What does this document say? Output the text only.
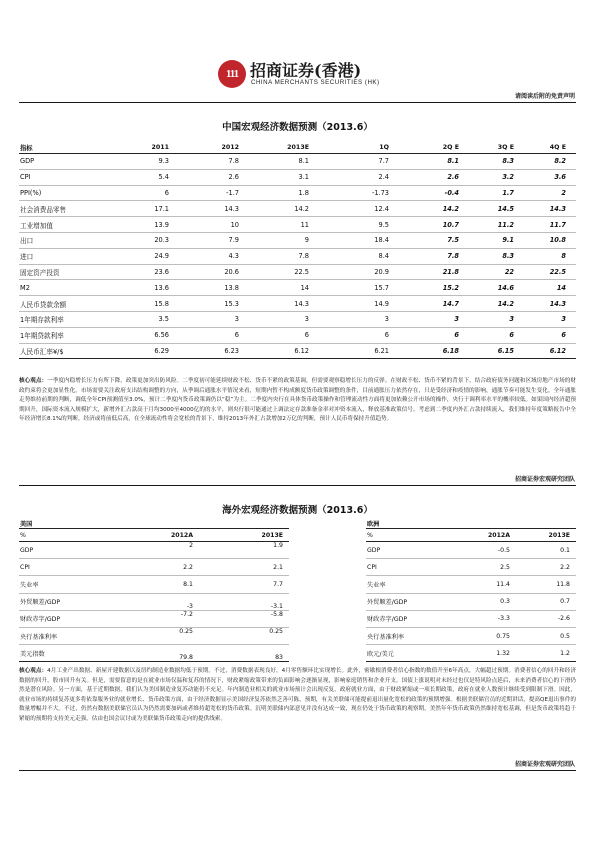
111 招商证券(香港)
CHINA MERCHANTS SECURITIES (HK)
请阅读后附的免责声明
中国宏观经济数据预测（2013.6）
指标	2011	2012	2013E	1Q	2Q E	3Q E	4Q E
GDP	9.3	7.8	8.1	7.7	8.1	8.3	8.2
CPI	5.4	2.6	3.1	2.4	2.6	3.2	3.6
PPI(%)	6	-1.7	1.8	-1.73	-0.4	1.7	2
社会消费品零售	17.1	14.3	14.2	12.4	14.2	14.5	14.3
工业增加值	13.9	10	11	9.5	10.7	11.2	11.7
出口	20.3	7.9	9	18.4	7.5	9.1	10.8
进口	24.9	4.3	7.8	8.4	7.8	8.3	8
固定资产投资	23.6	20.6	22.5	20.9	21.8	22	22.5
M2	13.6	13.8	14	15.7	15.2	14.6	14
人民币贷款余额	15.8	15.3	14.3	14.9	14.7	14.2	14.3
1年期存款利率	3.5	3	3	3	3	3	3
1年期贷款利率	6.56	6	6	6	6	6	6
人民币汇率¥/$	6.29	6.23	6.12	6.21	6.18	6.15	6.12
核心观点：一季度内稳增长压力有所下降，政策更加突出防风险。二季度初可能延续财政不松、货币不紧的政策基调，但需要观察稳增长压力的反弹。在财政不松、货币不紧的背景下，结合政府债务问题和区域房地产市场的财政约束将会更加显性化。市场需要关注政府支出结构调整的方向，从季调后通胀水平情况来看，短期内暂不构成额度货币政策调整的条件，目前通胀压力依然存在，只是受经济和疫情的影响，通胀节奏可能发生变化。全年通胀走势维持前期的判断，调低全年CPI预测值至3.0%，预计二季度内货币政策调仍以“稳”为主。二季度内央行在具体货币政策操作和管理流动性方面将更加依赖公开市场的操作，央行于调利率水平的概率较低。如果国内经济超预期回升，国际资本流入规模扩大，新增外汇占款高于月均3000至4000亿的的水平，则央行很可能通过上调法定存款准备金率对冲资本流入，释放基准政策信号。考虑到二季度内外汇占款持续流入，我们维持年度策略报告中全年经济增长8.1%的判断，经济或将前低后高，在全球流动性将会宽松的背景下，维持2013年外汇占款增加2万亿的判断，预计人民币将保持升值趋势。
招商证券宏观研究团队
海外宏观经济数据预测（2013.6）
美国		
%	2012A	2013E
GDP	2	1.9
CPI	2.2	2.1
失业率	8.1	7.7
外贸顺差/GDP	-3	-3.1
财政赤字/GDP	-7.2	-5.8
央行基准利率	0.25	0.25
美元指数	79.8	83
欧洲		
%	2012A	2013E
GDP	-0.5	0.1
CPI	2.5	2.2
失业率	11.4	11.8
外贸顺差/GDP	0.3	0.7
财政赤字/GDP	-3.3	-2.6
央行基准利率	0.75	0.5
欧元/美元	1.32	1.2
核心观点：4月工业产出数据、新屋开建数据以及纽约制造业数据均低于预期。不过，消费数据表现良好，4月零售额环比实现增长。此外，密歇根消费者信心指数的数值升至6年高点，大幅超过预期。消费者信心的回升和经济数据的回升，股市回升有关。但是，需要留意的是在就业市场仅温和复苏的情况下，财政紧缩政策带来的负面影响会逐渐显现，影响家庭销售和企业开支。国债上涨说明对未经过也仅是特风险点延后，未来消费者信心的下滑仍然是潜在风险。另一方面，基于近期数据，我们认为美国制造业复苏动能仍不充足。年内制造业相关的就业市场预计会出现反复，政府就业方面，由于财政紧缩或一项长期政策，政府在就业人数预计继续受到限制下滑。因此，就业市场的持续复苏更多将依靠服务业的就业增长、货币政策方面，由于经济数据显示美国经济复苏依然乏善可陈，预期，有关美联储可能提前退出量化宽松的政策的预期增强。根据美联储官员的近期讲话，提高QE退出事件的数量增幅并不大。不过，仍然有数据美联储官员认为仍然需要加码或者维持超宽松的货币政策。沉明美联储内部意见并没有达成一致，现在仍处于货币政策的观察期，美然年年货币政策仍然维持宽松基调，但是货币政策将趋于紧缩的预期将支持美元走强，估由也国会议讨或为美联储货币政策走向的提供线索。
招商证券宏观研究团队
